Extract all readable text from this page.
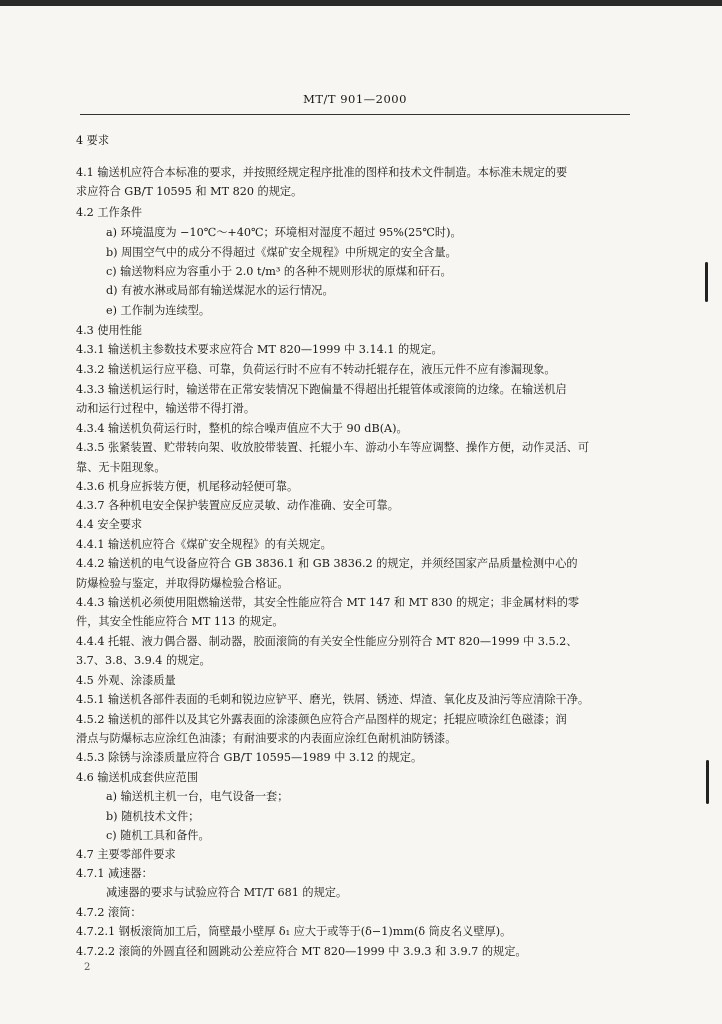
MT/T 901—2000
4 要求
4.1 输送机应符合本标准的要求，并按照经规定程序批准的图样和技术文件制造。本标准未规定的要
求应符合 GB/T 10595 和 MT 820 的规定。
4.2 工作条件
a) 环境温度为 −10℃～+40℃；环境相对湿度不超过 95%(25℃时)。
b) 周围空气中的成分不得超过《煤矿安全规程》中所规定的安全含量。
c) 输送物料应为容重小于 2.0 t/m³ 的各种不规则形状的原煤和矸石。
d) 有被水淋或局部有输送煤泥水的运行情况。
e) 工作制为连续型。
4.3 使用性能
4.3.1 输送机主参数技术要求应符合 MT 820—1999 中 3.14.1 的规定。
4.3.2 输送机运行应平稳、可靠，负荷运行时不应有不转动托辊存在，液压元件不应有渗漏现象。
4.3.3 输送机运行时，输送带在正常安装情况下跑偏量不得超出托辊管体或滚筒的边缘。在输送机启
动和运行过程中，输送带不得打滑。
4.3.4 输送机负荷运行时，整机的综合噪声值应不大于 90 dB(A)。
4.3.5 张紧装置、贮带转向架、收放胶带装置、托辊小车、游动小车等应调整、操作方便，动作灵活、可
靠、无卡阻现象。
4.3.6 机身应拆装方便，机尾移动轻便可靠。
4.3.7 各种机电安全保护装置应反应灵敏、动作准确、安全可靠。
4.4 安全要求
4.4.1 输送机应符合《煤矿安全规程》的有关规定。
4.4.2 输送机的电气设备应符合 GB 3836.1 和 GB 3836.2 的规定，并须经国家产品质量检测中心的
防爆检验与鉴定，并取得防爆检验合格证。
4.4.3 输送机必须使用阻燃输送带，其安全性能应符合 MT 147 和 MT 830 的规定；非金属材料的零
件，其安全性能应符合 MT 113 的规定。
4.4.4 托辊、液力偶合器、制动器，胶面滚筒的有关安全性能应分别符合 MT 820—1999 中 3.5.2、
3.7、3.8、3.9.4 的规定。
4.5 外观、涂漆质量
4.5.1 输送机各部件表面的毛刺和锐边应铲平、磨光，铁屑、锈迹、焊渣、氧化皮及油污等应清除干净。
4.5.2 输送机的部件以及其它外露表面的涂漆颜色应符合产品图样的规定；托辊应喷涂红色磁漆；润
滑点与防爆标志应涂红色油漆；有耐油要求的内表面应涂红色耐机油防锈漆。
4.5.3 除锈与涂漆质量应符合 GB/T 10595—1989 中 3.12 的规定。
4.6 输送机成套供应范围
a) 输送机主机一台，电气设备一套；
b) 随机技术文件；
c) 随机工具和备件。
4.7 主要零部件要求
4.7.1 减速器：
减速器的要求与试验应符合 MT/T 681 的规定。
4.7.2 滚筒：
4.7.2.1 钢板滚筒加工后，筒壁最小壁厚 δ₁ 应大于或等于(δ−1)mm(δ 筒皮名义壁厚)。
4.7.2.2 滚筒的外圆直径和圆跳动公差应符合 MT 820—1999 中 3.9.3 和 3.9.7 的规定。
2
